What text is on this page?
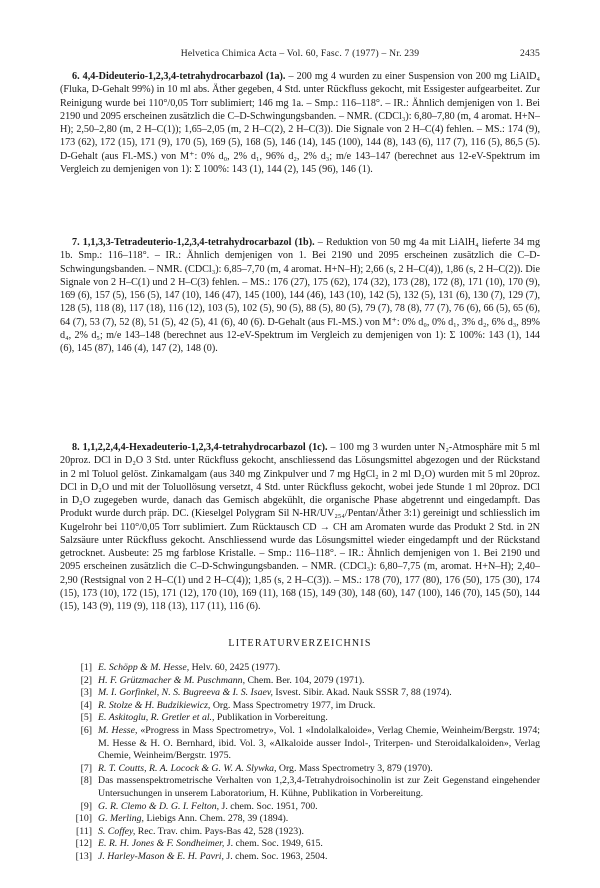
Helvetica Chimica Acta – Vol. 60, Fasc. 7 (1977) – Nr. 239	2435

6. 4,4-Dideuterio-1,2,3,4-tetrahydrocarbazol (1a). – 200 mg 4 wurden zu einer Suspension von 200 mg LiAlD₄ (Fluka, D-Gehalt 99%) in 10 ml abs. Äther gegeben, 4 Std. unter Rückfluss gekocht, mit Essigester aufgearbeitet. Zur Reinigung wurde bei 110°/0,05 Torr sublimiert; 146 mg 1a. – Smp.: 116–118°. – IR.: Ähnlich demjenigen von 1. Bei 2190 und 2095 erscheinen zusätzlich die C–D-Schwingungsbanden. – NMR. (CDCl₃): 6,80–7,80 (m, 4 aromat. H+N–H); 2,50–2,80 (m, 2 H–C(1)); 1,65–2,05 (m, 2 H–C(2), 2 H–C(3)). Die Signale von 2 H–C(4) fehlen. – MS.: 174 (9), 173 (62), 172 (15), 171 (9), 170 (5), 169 (5), 168 (5), 146 (14), 145 (100), 144 (8), 143 (6), 117 (7), 116 (5), 86,5 (5). D-Gehalt (aus Fl.-MS.) von M⁺: 0% d₀, 2% d₁, 96% d₂, 2% d₃; m/e 143–147 (berechnet aus 12-eV-Spektrum im Vergleich zu demjenigen von 1): Σ 100%: 143 (1), 144 (2), 145 (96), 146 (1).

7. 1,1,3,3-Tetradeuterio-1,2,3,4-tetrahydrocarbazol (1b). – Reduktion von 50 mg 4a mit LiAlH₄ lieferte 34 mg 1b. Smp.: 116–118°. – IR.: Ähnlich demjenigen von 1. Bei 2190 und 2095 erscheinen zusätzlich die C–D-Schwingungsbanden. – NMR. (CDCl₃): 6,85–7,70 (m, 4 aromat. H+N–H); 2,66 (s, 2 H–C(4)), 1,86 (s, 2 H–C(2)). Die Signale von 2 H–C(1) und 2 H–C(3) fehlen. – MS.: 176 (27), 175 (62), 174 (32), 173 (28), 172 (8), 171 (10), 170 (9), 169 (6), 157 (5), 156 (5), 147 (10), 146 (47), 145 (100), 144 (46), 143 (10), 142 (5), 132 (5), 131 (6), 130 (7), 129 (7), 128 (5), 118 (8), 117 (18), 116 (12), 103 (5), 102 (5), 90 (5), 88 (5), 80 (5), 79 (7), 78 (8), 77 (7), 76 (6), 66 (5), 65 (6), 64 (7), 53 (7), 52 (8), 51 (5), 42 (5), 41 (6), 40 (6). D-Gehalt (aus Fl.-MS.) von M⁺: 0% d₀, 0% d₁, 3% d₂, 6% d₃, 89% d₄, 2% d₅; m/e 143–148 (berechnet aus 12-eV-Spektrum im Vergleich zu demjenigen von 1): Σ 100%: 143 (1), 144 (6), 145 (87), 146 (4), 147 (2), 148 (0).

8. 1,1,2,2,4,4-Hexadeuterio-1,2,3,4-tetrahydrocarbazol (1c). – 100 mg 3 wurden unter N₂-Atmosphäre mit 5 ml 20proz. DCl in D₂O 3 Std. unter Rückfluss gekocht, anschliessend das Lösungsmittel abgezogen und der Rückstand in 2 ml Toluol gelöst. Zinkamalgam (aus 340 mg Zinkpulver und 7 mg HgCl₂ in 2 ml D₂O) wurden mit 5 ml 20proz. DCl in D₂O und mit der Toluollösung versetzt, 4 Std. unter Rückfluss gekocht, wobei jede Stunde 1 ml 20proz. DCl in D₂O zugegeben wurde, danach das Gemisch abgekühlt, die organische Phase abgetrennt und eingedampft. Das Produkt wurde durch präp. DC. (Kieselgel Polygram Sil N-HR/UV₂₅₄/Pentan/Äther 3:1) gereinigt und schliesslich im Kugelrohr bei 110°/0,05 Torr sublimiert. Zum Rücktausch CD → CH am Aromaten wurde das Produkt 2 Std. in 2N Salzsäure unter Rückfluss gekocht. Anschliessend wurde das Lösungsmittel wieder eingedampft und der Rückstand getrocknet. Ausbeute: 25 mg farblose Kristalle. – Smp.: 116–118°. – IR.: Ähnlich demjenigen von 1. Bei 2190 und 2095 erscheinen zusätzlich die C–D-Schwingungsbanden. – NMR. (CDCl₃): 6,80–7,75 (m, aromat. H+N–H); 2,40–2,90 (Restsignal von 2 H–C(1) und 2 H–C(4)); 1,85 (s, 2 H–C(3)). – MS.: 178 (70), 177 (80), 176 (50), 175 (30), 174 (15), 173 (10), 172 (15), 171 (12), 170 (10), 169 (11), 168 (15), 149 (30), 148 (60), 147 (100), 146 (70), 145 (50), 144 (15), 143 (9), 119 (9), 118 (13), 117 (11), 116 (6).

LITERATURVERZEICHNIS
[1] E. Schöpp & M. Hesse, Helv. 60, 2425 (1977).
[2] H. F. Grützmacher & M. Puschmann, Chem. Ber. 104, 2079 (1971).
[3] M. I. Gorfinkel, N. S. Bugreeva & I. S. Isaev, Isvest. Sibir. Akad. Nauk SSSR 7, 88 (1974).
[4] R. Stolze & H. Budzikiewicz, Org. Mass Spectrometry 1977, im Druck.
[5] E. Askitoglu, R. Gretler et al., Publikation in Vorbereitung.
[6] M. Hesse, «Progress in Mass Spectrometry», Vol. 1 «Indolalkaloide», Verlag Chemie, Weinheim/Bergstr. 1974; M. Hesse & H. O. Bernhard, ibid. Vol. 3, «Alkaloide ausser Indol-, Triterpen- und Steroidalkaloiden», Verlag Chemie, Weinheim/Bergstr. 1975.
[7] R. T. Coutts, R. A. Locock & G. W. A. Slywka, Org. Mass Spectrometry 3, 879 (1970).
[8] Das massenspektrometrische Verhalten von 1,2,3,4-Tetrahydroisochinolin ist zur Zeit Gegenstand eingehender Untersuchungen in unserem Laboratorium, H. Kühne, Publikation in Vorbereitung.
[9] G. R. Clemo & D. G. I. Felton, J. chem. Soc. 1951, 700.
[10] G. Merling, Liebigs Ann. Chem. 278, 39 (1894).
[11] S. Coffey, Rec. Trav. chim. Pays-Bas 42, 528 (1923).
[12] E. R. H. Jones & F. Sondheimer, J. chem. Soc. 1949, 615.
[13] J. Harley-Mason & E. H. Pavri, J. chem. Soc. 1963, 2504.
